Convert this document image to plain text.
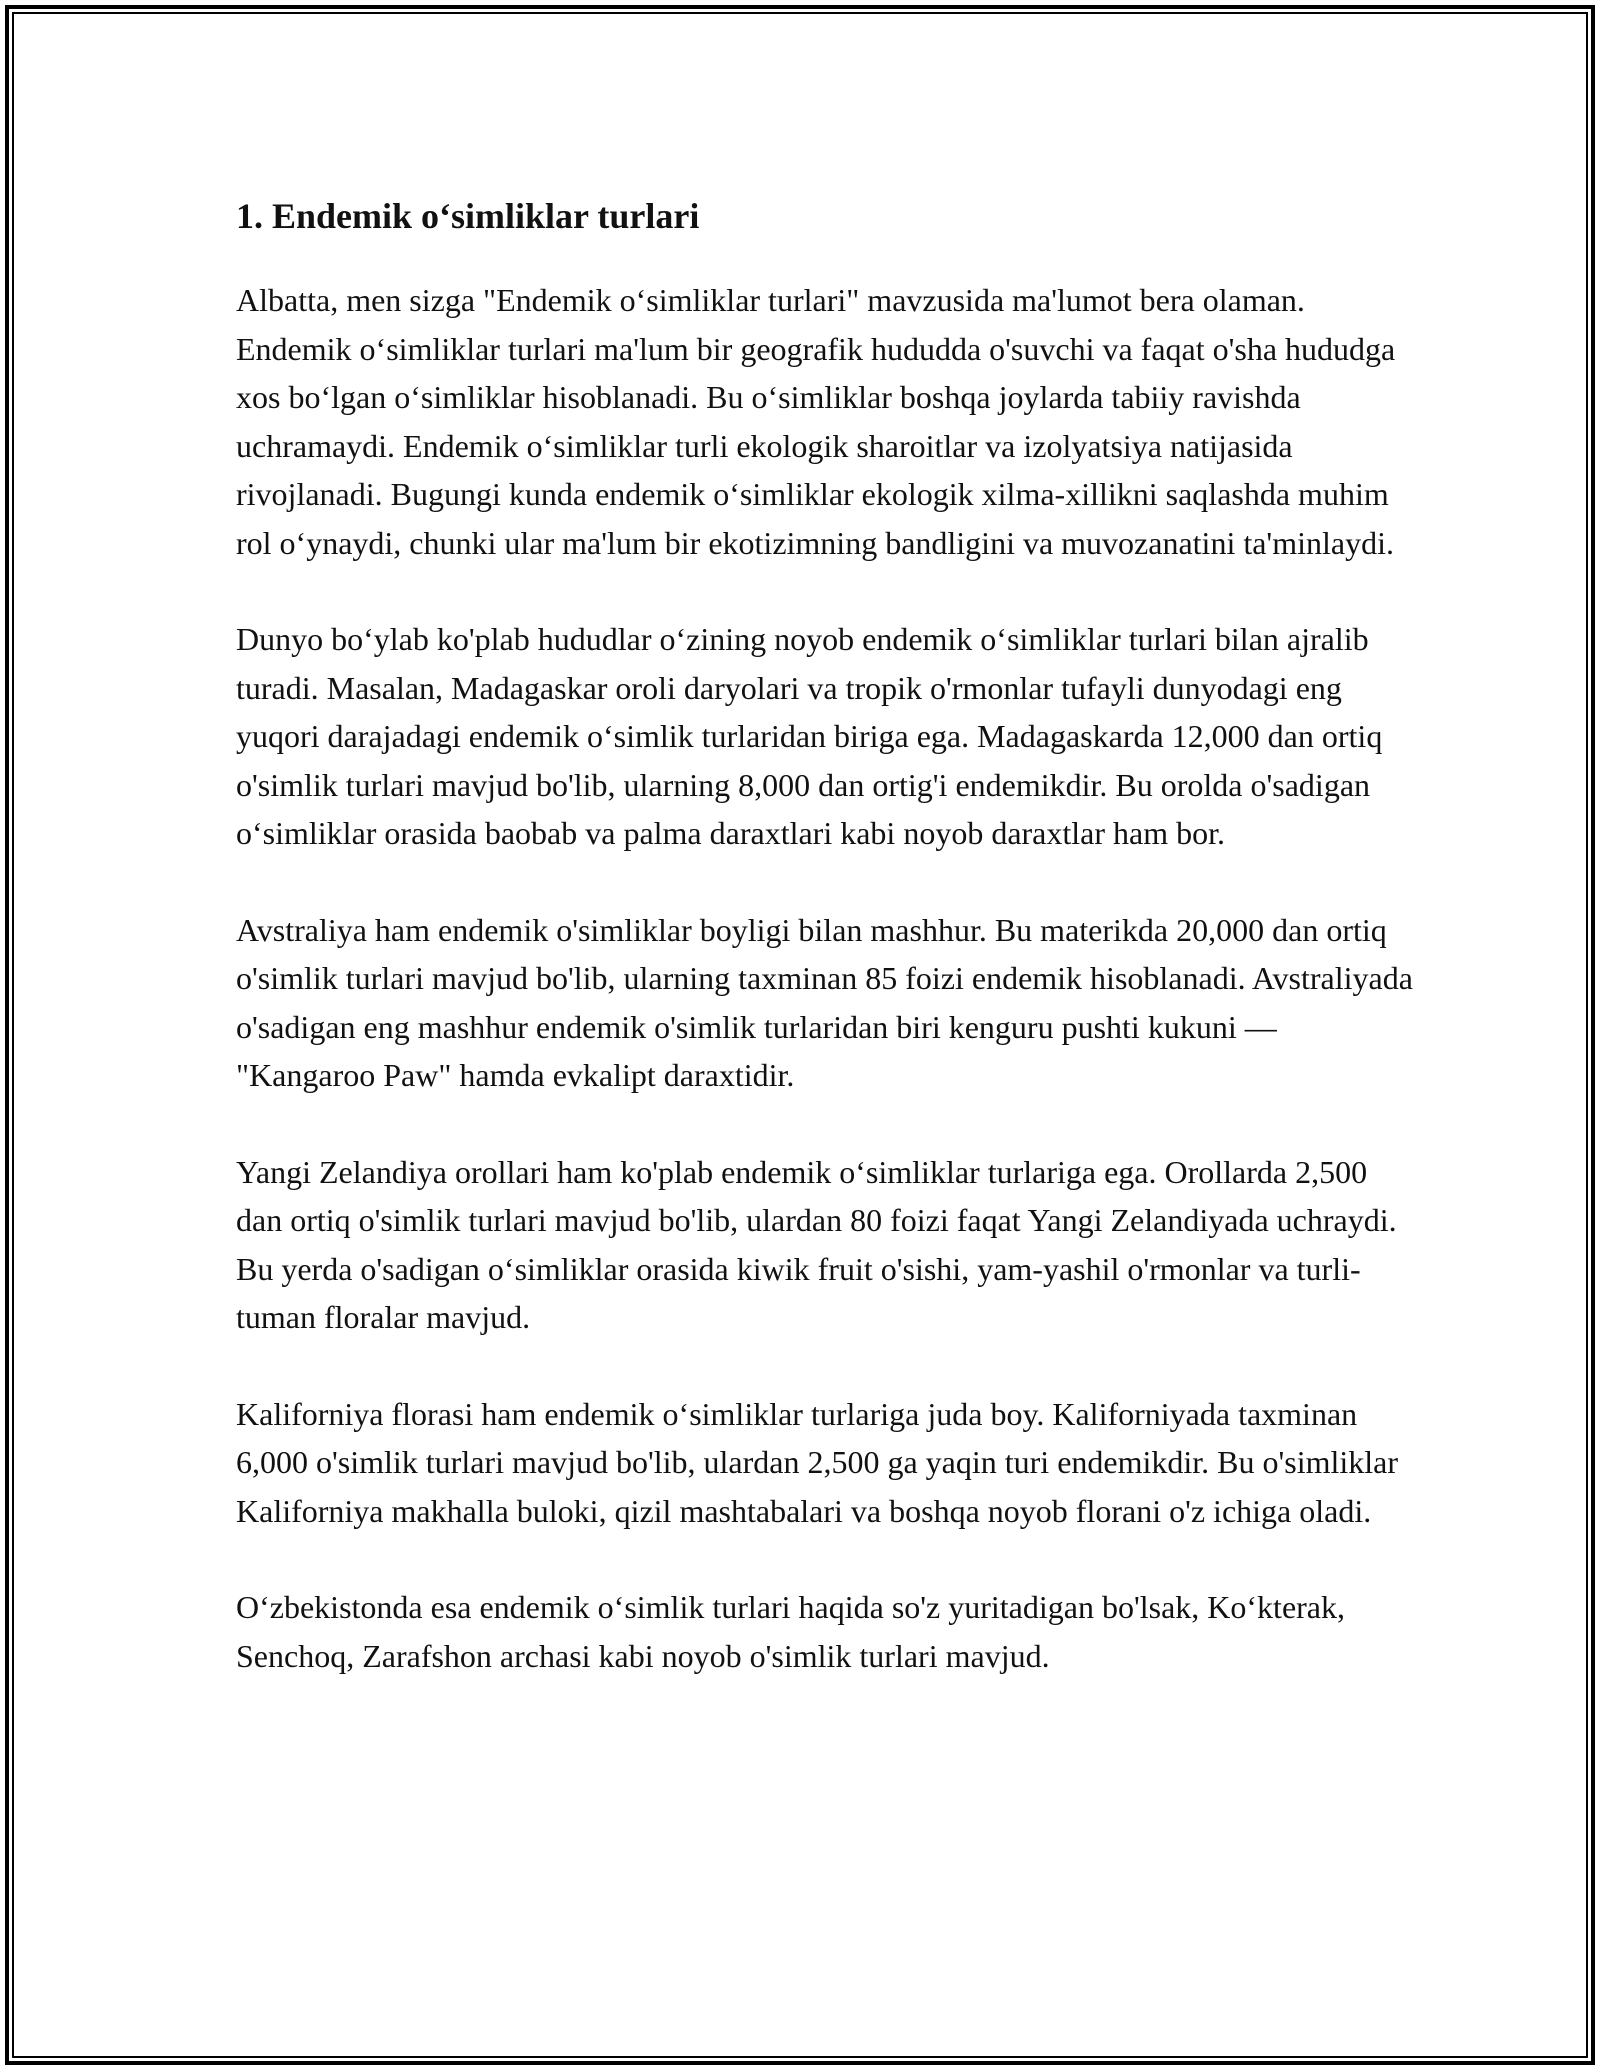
1. Endemik o‘simliklar turlari

Albatta, men sizga "Endemik o‘simliklar turlari" mavzusida ma'lumot bera olaman. Endemik o‘simliklar turlari ma'lum bir geografik hududda o'suvchi va faqat o'sha hududga xos bo‘lgan o‘simliklar hisoblanadi. Bu o‘simliklar boshqa joylarda tabiiy ravishda uchramaydi. Endemik o‘simliklar turli ekologik sharoitlar va izolyatsiya natijasida rivojlanadi. Bugungi kunda endemik o‘simliklar ekologik xilma-xillikni saqlashda muhim rol o‘ynaydi, chunki ular ma'lum bir ekotizimning bandligini va muvozanatini ta'minlaydi.

Dunyo bo‘ylab ko'plab hududlar o‘zining noyob endemik o‘simliklar turlari bilan ajralib turadi. Masalan, Madagaskar oroli daryolari va tropik o'rmonlar tufayli dunyodagi eng yuqori darajadagi endemik o‘simlik turlaridan biriga ega. Madagaskarda 12,000 dan ortiq o'simlik turlari mavjud bo'lib, ularning 8,000 dan ortig'i endemikdir. Bu orolda o'sadigan o‘simliklar orasida baobab va palma daraxtlari kabi noyob daraxtlar ham bor.

Avstraliya ham endemik o'simliklar boyligi bilan mashhur. Bu materikda 20,000 dan ortiq o'simlik turlari mavjud bo'lib, ularning taxminan 85 foizi endemik hisoblanadi. Avstraliyada o'sadigan eng mashhur endemik o'simlik turlaridan biri kenguru pushti kukuni — "Kangaroo Paw" hamda evkalipt daraxtidir.

Yangi Zelandiya orollari ham ko'plab endemik o‘simliklar turlariga ega. Orollarda 2,500 dan ortiq o'simlik turlari mavjud bo'lib, ulardan 80 foizi faqat Yangi Zelandiyada uchraydi. Bu yerda o'sadigan o‘simliklar orasida kiwik fruit o'sishi, yam-yashil o'rmonlar va turli-tuman floralar mavjud.

Kaliforniya florasi ham endemik o‘simliklar turlariga juda boy. Kaliforniyada taxminan 6,000 o'simlik turlari mavjud bo'lib, ulardan 2,500 ga yaqin turi endemikdir. Bu o'simliklar Kaliforniya makhalla buloki, qizil mashtabalari va boshqa noyob florani o'z ichiga oladi.

O‘zbekistonda esa endemik o‘simlik turlari haqida so'z yuritadigan bo'lsak, Ko‘kterak, Senchoq, Zarafshon archasi kabi noyob o'simlik turlari mavjud.
